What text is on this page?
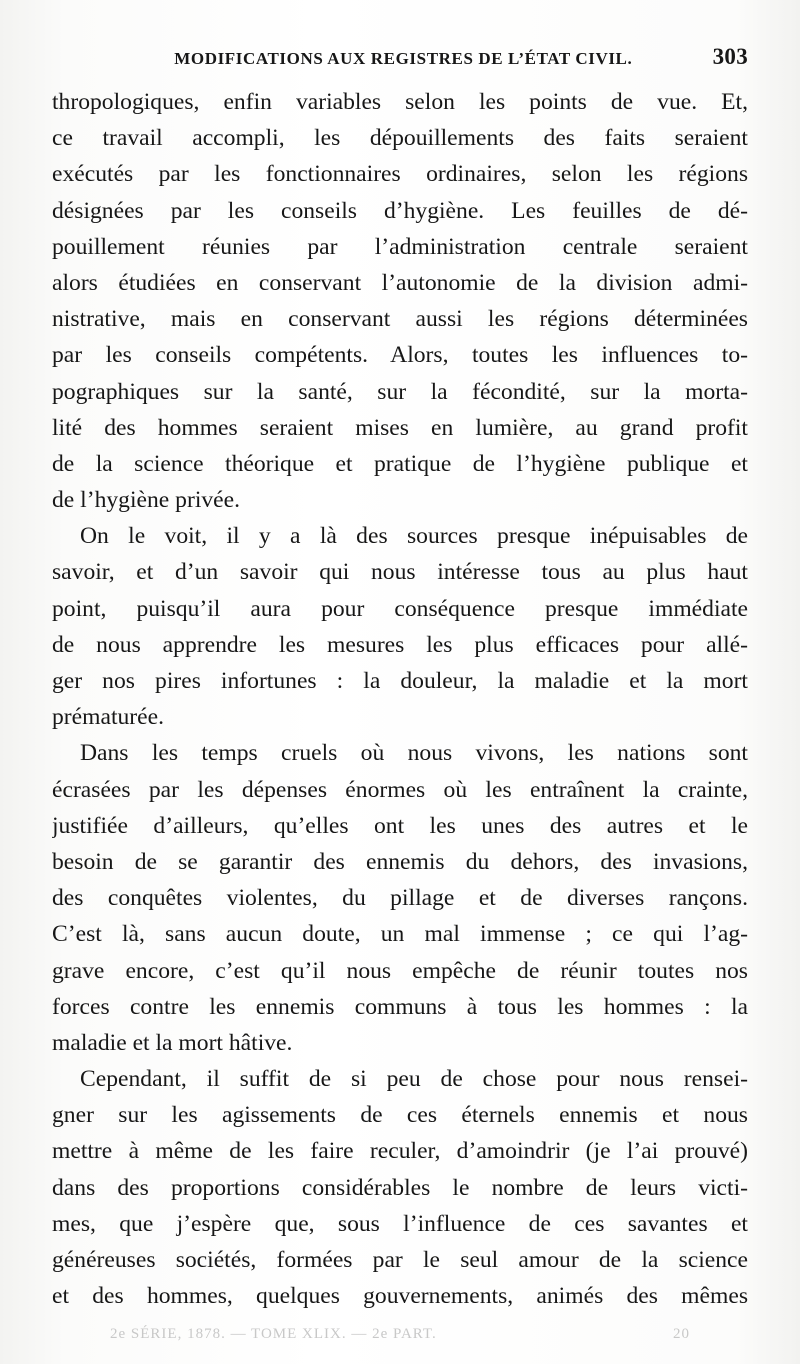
MODIFICATIONS AUX REGISTRES DE L’ÉTAT CIVIL.	303

thropologiques, enfin variables selon les points de vue. Et,
ce travail accompli, les dépouillements des faits seraient
exécutés par les fonctionnaires ordinaires, selon les régions
désignées par les conseils d’hygiène. Les feuilles de dé-
pouillement réunies par l’administration centrale seraient
alors étudiées en conservant l’autonomie de la division admi-
nistrative, mais en conservant aussi les régions déterminées
par les conseils compétents. Alors, toutes les influences to-
pographiques sur la santé, sur la fécondité, sur la morta-
lité des hommes seraient mises en lumière, au grand profit
de la science théorique et pratique de l’hygiène publique et
de l’hygiène privée.

On le voit, il y a là des sources presque inépuisables de
savoir, et d’un savoir qui nous intéresse tous au plus haut
point, puisqu’il aura pour conséquence presque immédiate
de nous apprendre les mesures les plus efficaces pour allé-
ger nos pires infortunes : la douleur, la maladie et la mort
prématurée.

Dans les temps cruels où nous vivons, les nations sont
écrasées par les dépenses énormes où les entraînent la crainte,
justifiée d’ailleurs, qu’elles ont les unes des autres et le
besoin de se garantir des ennemis du dehors, des invasions,
des conquêtes violentes, du pillage et de diverses rançons.
C’est là, sans aucun doute, un mal immense ; ce qui l’ag-
grave encore, c’est qu’il nous empêche de réunir toutes nos
forces contre les ennemis communs à tous les hommes : la
maladie et la mort hâtive.

Cependant, il suffit de si peu de chose pour nous rensei-
gner sur les agissements de ces éternels ennemis et nous
mettre à même de les faire reculer, d’amoindrir (je l’ai prouvé)
dans des proportions considérables le nombre de leurs victi-
mes, que j’espère que, sous l’influence de ces savantes et
généreuses sociétés, formées par le seul amour de la science
et des hommes, quelques gouvernements, animés des mêmes

2e SÉRIE, 1878. — TOME XLIX. — 2e PART.	20
